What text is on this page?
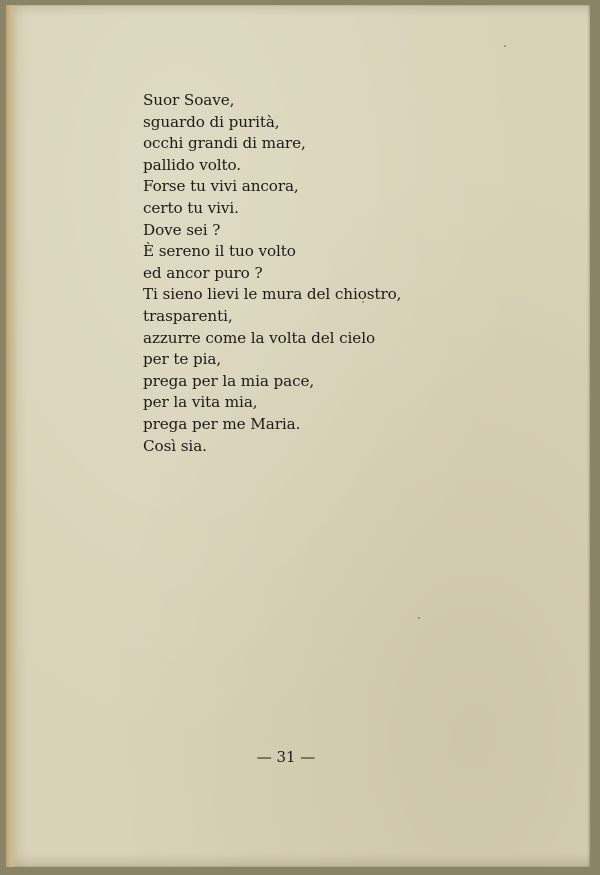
Suor Soave,
sguardo di purità,
occhi grandi di mare,
pallido volto.
Forse tu vivi ancora,
certo tu vivi.
Dove sei ?
È sereno il tuo volto
ed ancor puro ?
Ti sieno lievi le mura del chiostro,
trasparenti,
azzurre come la volta del cielo
per te pia,
prega per la mia pace,
per la vita mia,
prega per me Maria.
Così sia.
— 31 —
